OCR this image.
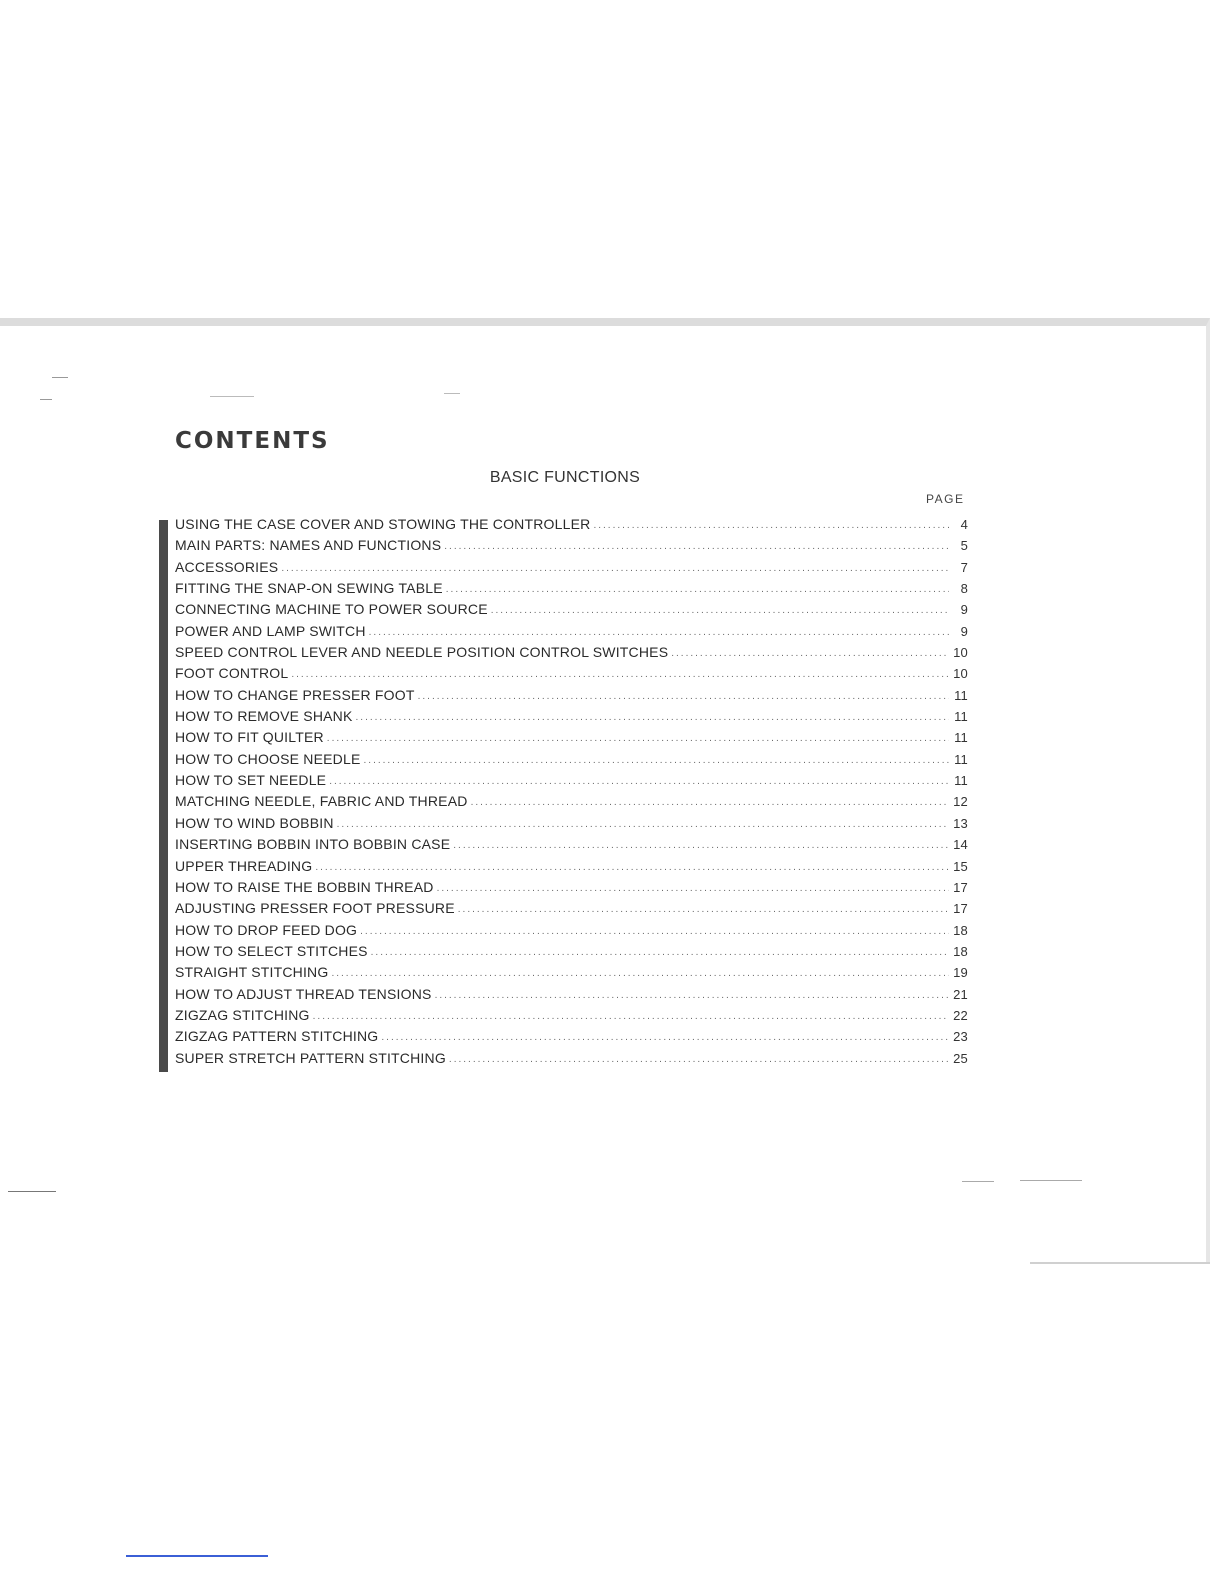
CONTENTS
BASIC FUNCTIONS
PAGE
USING THE CASE COVER AND STOWING THE CONTROLLER .....	4
MAIN PARTS: NAMES AND FUNCTIONS .....	5
ACCESSORIES .....	7
FITTING THE SNAP-ON SEWING TABLE .....	8
CONNECTING MACHINE TO POWER SOURCE .....	9
POWER AND LAMP SWITCH .....	9
SPEED CONTROL LEVER AND NEEDLE POSITION CONTROL SWITCHES .....	10
FOOT CONTROL .....	10
HOW TO CHANGE PRESSER FOOT .....	11
HOW TO REMOVE SHANK .....	11
HOW TO FIT QUILTER .....	11
HOW TO CHOOSE NEEDLE .....	11
HOW TO SET NEEDLE .....	11
MATCHING NEEDLE, FABRIC AND THREAD .....	12
HOW TO WIND BOBBIN .....	13
INSERTING BOBBIN INTO BOBBIN CASE .....	14
UPPER THREADING .....	15
HOW TO RAISE THE BOBBIN THREAD .....	17
ADJUSTING PRESSER FOOT PRESSURE .....	17
HOW TO DROP FEED DOG .....	18
HOW TO SELECT STITCHES .....	18
STRAIGHT STITCHING .....	19
HOW TO ADJUST THREAD TENSIONS .....	21
ZIGZAG STITCHING .....	22
ZIGZAG PATTERN STITCHING .....	23
SUPER STRETCH PATTERN STITCHING .....	25
